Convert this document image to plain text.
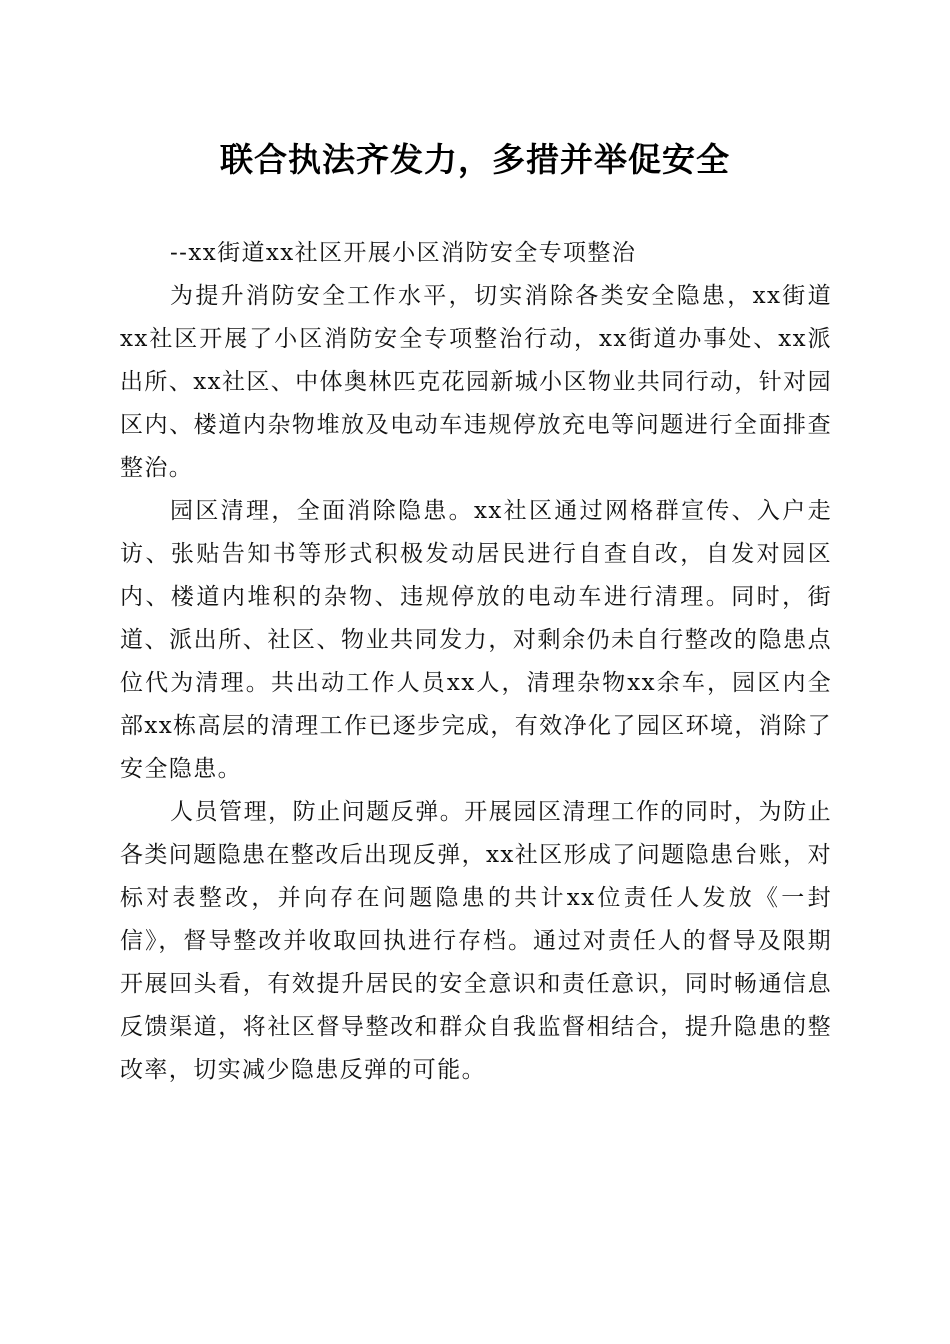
联合执法齐发力，多措并举促安全

--xx街道xx社区开展小区消防安全专项整治

为提升消防安全工作水平，切实消除各类安全隐患，xx街道xx社区开展了小区消防安全专项整治行动，xx街道办事处、xx派出所、xx社区、中体奥林匹克花园新城小区物业共同行动，针对园区内、楼道内杂物堆放及电动车违规停放充电等问题进行全面排查整治。

园区清理，全面消除隐患。xx社区通过网格群宣传、入户走访、张贴告知书等形式积极发动居民进行自查自改，自发对园区内、楼道内堆积的杂物、违规停放的电动车进行清理。同时，街道、派出所、社区、物业共同发力，对剩余仍未自行整改的隐患点位代为清理。共出动工作人员xx人，清理杂物xx余车，园区内全部xx栋高层的清理工作已逐步完成，有效净化了园区环境，消除了安全隐患。

人员管理，防止问题反弹。开展园区清理工作的同时，为防止各类问题隐患在整改后出现反弹，xx社区形成了问题隐患台账，对标对表整改，并向存在问题隐患的共计xx位责任人发放《一封信》，督导整改并收取回执进行存档。通过对责任人的督导及限期开展回头看，有效提升居民的安全意识和责任意识，同时畅通信息反馈渠道，将社区督导整改和群众自我监督相结合，提升隐患的整改率，切实减少隐患反弹的可能。
